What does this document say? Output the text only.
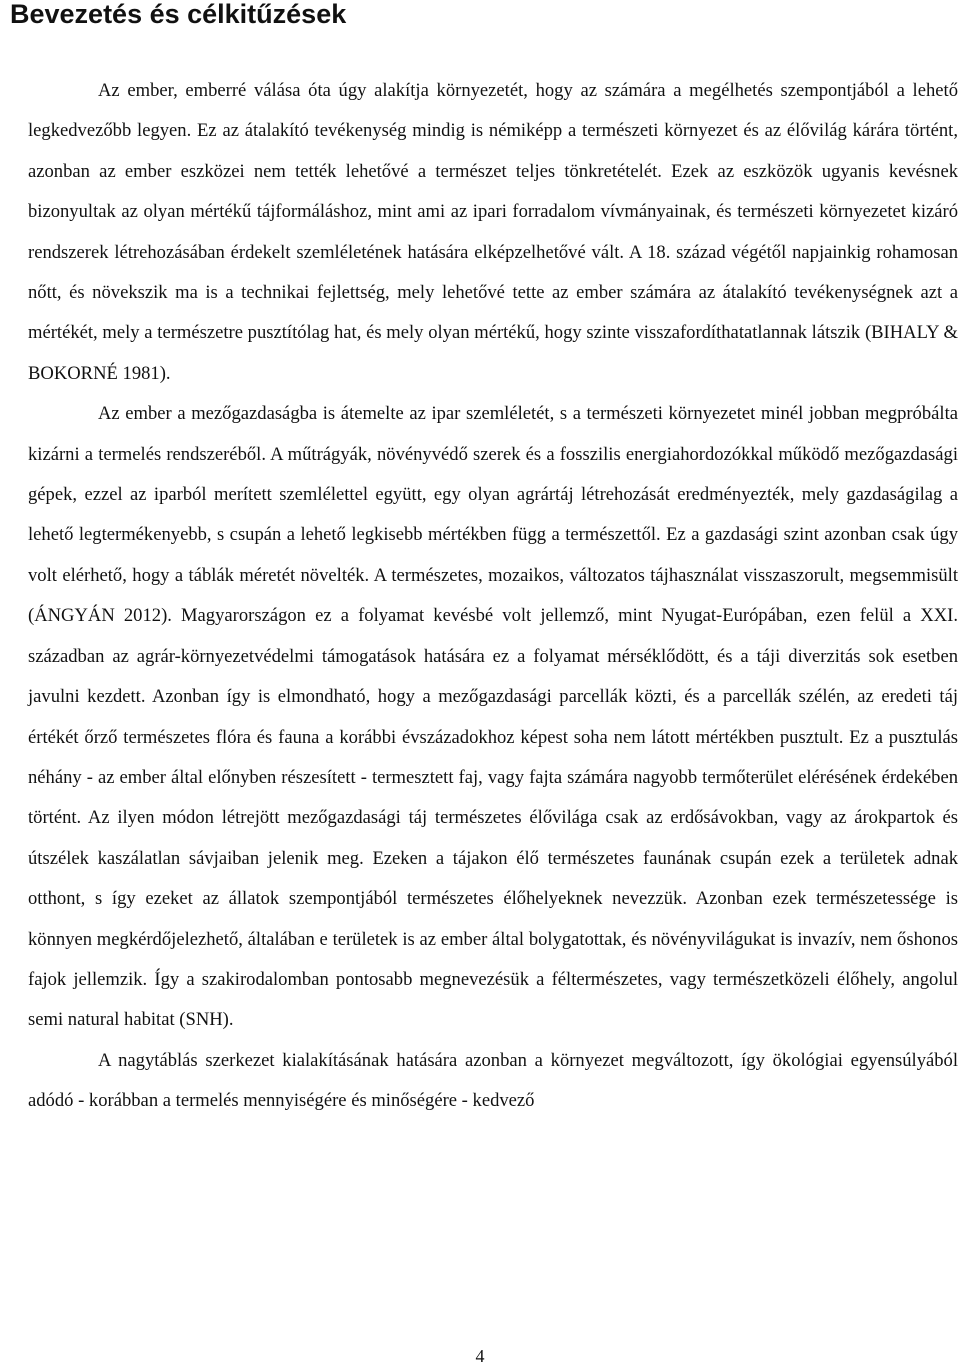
Bevezetés és célkitűzések

Az ember, emberré válása óta úgy alakítja környezetét, hogy az számára a megélhetés szempontjából a lehető legkedvezőbb legyen. Ez az átalakító tevékenység mindig is némiképp a természeti környezet és az élővilág kárára történt, azonban az ember eszközei nem tették lehetővé a természet teljes tönkretételét. Ezek az eszközök ugyanis kevésnek bizonyultak az olyan mértékű tájformáláshoz, mint ami az ipari forradalom vívmányainak, és természeti környezetet kizáró rendszerek létrehozásában érdekelt szemléletének hatására elképzelhetővé vált. A 18. század végétől napjainkig rohamosan nőtt, és növekszik ma is a technikai fejlettség, mely lehetővé tette az ember számára az átalakító tevékenységnek azt a mértékét, mely a természetre pusztítólag hat, és mely olyan mértékű, hogy szinte visszafordíthatatlannak látszik (BIHALY & BOKORNÉ 1981).

Az ember a mezőgazdaságba is átemelte az ipar szemléletét, s a természeti környezetet minél jobban megpróbálta kizárni a termelés rendszeréből. A műtrágyák, növényvédő szerek és a fosszilis energiahordozókkal működő mezőgazdasági gépek, ezzel az iparból merített szemlélettel együtt, egy olyan agrártáj létrehozását eredményezték, mely gazdaságilag a lehető legtermékenyebb, s csupán a lehető legkisebb mértékben függ a természettől. Ez a gazdasági szint azonban csak úgy volt elérhető, hogy a táblák méretét növelték. A természetes, mozaikos, változatos tájhasználat visszaszorult, megsemmisült (ÁNGYÁN 2012). Magyarországon ez a folyamat kevésbé volt jellemző, mint Nyugat-Európában, ezen felül a XXI. században az agrár-környezetvédelmi támogatások hatására ez a folyamat mérséklődött, és a táji diverzitás sok esetben javulni kezdett. Azonban így is elmondható, hogy a mezőgazdasági parcellák közti, és a parcellák szélén, az eredeti táj értékét őrző természetes flóra és fauna a korábbi évszázadokhoz képest soha nem látott mértékben pusztult. Ez a pusztulás néhány - az ember által előnyben részesített - termesztett faj, vagy fajta számára nagyobb termőterület elérésének érdekében történt. Az ilyen módon létrejött mezőgazdasági táj természetes élővilága csak az erdősávokban, vagy az árokpartok és útszélek kaszálatlan sávjaiban jelenik meg. Ezeken a tájakon élő természetes faunának csupán ezek a területek adnak otthont, s így ezeket az állatok szempontjából természetes élőhelyeknek nevezzük. Azonban ezek természetessége is könnyen megkérdőjelezhető, általában e területek is az ember által bolygatottak, és növényvilágukat is invazív, nem őshonos fajok jellemzik. Így a szakirodalomban pontosabb megnevezésük a féltermészetes, vagy természetközeli élőhely, angolul semi natural habitat (SNH).

A nagytáblás szerkezet kialakításának hatására azonban a környezet megváltozott, így ökológiai egyensúlyából adódó - korábban a termelés mennyiségére és minőségére - kedvező

4
